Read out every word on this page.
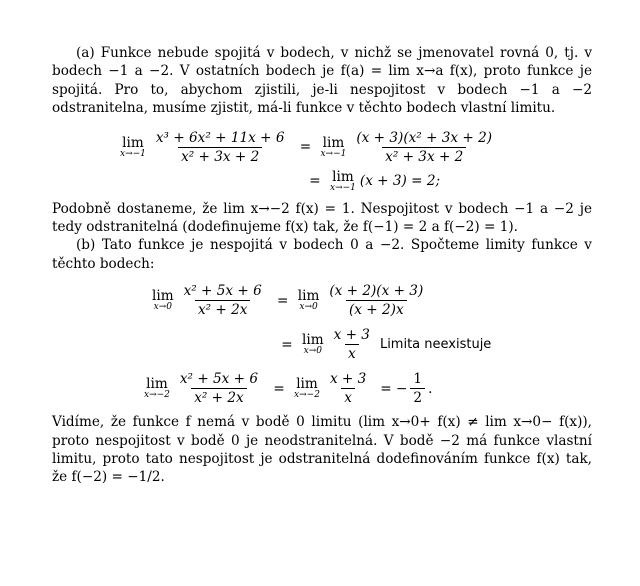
(a) Funkce nebude spojitá v bodech, v nichž se jmenovatel rovná 0, tj. v bodech −1 a −2. V ostatních bodech je f(a) = lim x→a f(x), proto funkce je spojitá. Pro to, abychom zjistili, je-li nespojitost v bodech −1 a −2 odstranitelna, musíme zjistit, má-li funkce v těchto bodech vlastní limitu.

lim
$x\to-1 \frac{\text{x³ + 6x² + 11x + 6}}{\text{x² + 3x + 2}} = \lim$
$x\to-1 \frac{\text{(x + 3)(x² + 3x + 2)}}{\text{x² + 3x + 2}}$
= lim
x→−1 (x + 3) = 2;

Podobně dostaneme, že lim x→−2 f(x) = 1. Nespojitost v bodech −1 a −2 je tedy odstranitelná (dodefinujeme f(x) tak, že f(−1) = 2 a f(−2) = 1).

(b) Tato funkce je nespojitá v bodech 0 a −2. Spočteme limity funkce v těchto bodech:

lim
$x\to 0 \frac{\text{x² + 5x + 6}}{\text{x² + 2x}} = \lim$
$x\to 0 \frac{(x + 2)(x + 3)}{(x + 2)x}$
= lim
$x\to 0 \frac{x + 3}{x}$ Limita neexistuje
lim
$x\to-2 \frac{\text{x² + 5x + 6}}{\text{x² + 2x}} = \lim$
$x\to-2 \frac{x + 3}{x}$ = − $\frac{1}{2}$ .

Vidíme, že funkce f nemá v bodě 0 limitu (lim x→0+ f(x) ≠ lim x→0− f(x)), proto nespojitost v bodě 0 je neodstranitelná. V bodě −2 má funkce vlastní limitu, proto tato nespojitost je odstranitelná dodefinováním funkce f(x) tak, že f(−2) = −1/2.
